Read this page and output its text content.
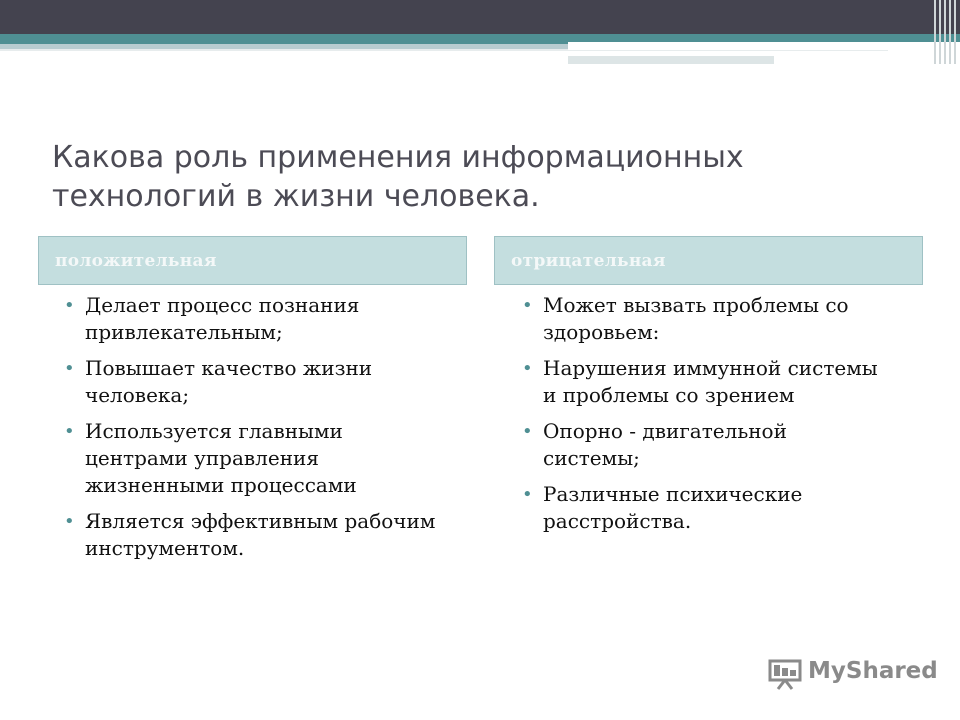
Какова роль применения информационных технологий в жизни человека.
положительная	отрицательная
• Делает процесс познания привлекательным;
• Повышает качество жизни человека;
• Используется главными центрами управления жизненными процессами
• Является эффективным рабочим инструментом.
• Может вызвать проблемы со здоровьем:
• Нарушения иммунной системы и проблемы со зрением
• Опорно - двигательной системы;
• Различные психические расстройства.
MyShared
